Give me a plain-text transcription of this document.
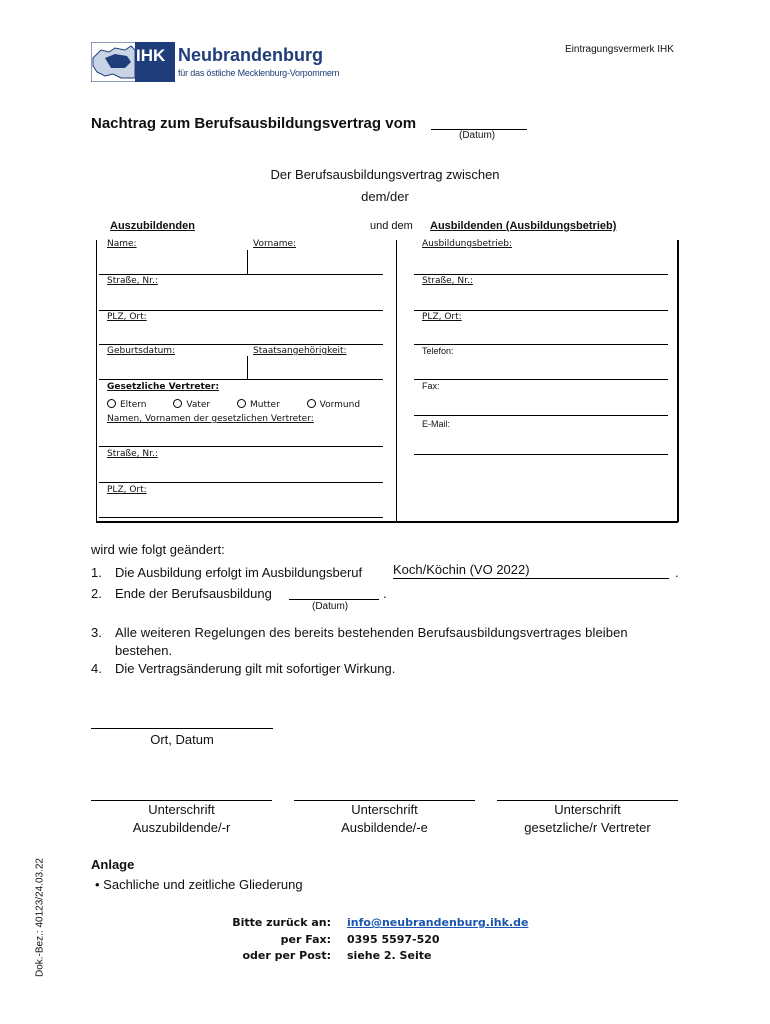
IHK Neubrandenburg
für das östliche Mecklenburg-Vorpommern
Eintragungsvermerk IHK
Nachtrag zum Berufsausbildungsvertrag vom
(Datum)
Der Berufsausbildungsvertrag zwischen
dem/der
Auszubildenden	und dem Ausbildenden (Ausbildungsbetrieb)
Name:	Vorname:
Straße, Nr.:
PLZ, Ort:
Geburtsdatum:	Staatsangehörigkeit:
Gesetzliche Vertreter:
Eltern	Vater	Mutter	Vormund
Namen, Vornamen der gesetzlichen Vertreter:
Straße, Nr.:
PLZ, Ort:
Ausbildungsbetrieb:
Straße, Nr.:
PLZ, Ort:
Telefon:
Fax:
E-Mail:
wird wie folgt geändert:
1. Die Ausbildung erfolgt im Ausbildungsberuf Koch/Köchin (VO 2022)	.
2. Ende der Berufsausbildung	.
(Datum)
3. Alle weiteren Regelungen des bereits bestehenden Berufsausbildungsvertrages bleiben
bestehen.
4. Die Vertragsänderung gilt mit sofortiger Wirkung.
Ort, Datum
Unterschrift
Auszubildende/-r
Unterschrift
Ausbildende/-e
Unterschrift
gesetzliche/r Vertreter
Anlage
• Sachliche und zeitliche Gliederung
Bitte zurück an: info@neubrandenburg.ihk.de
per Fax: 0395 5597-520
oder per Post: siehe 2. Seite
Dok.-Bez.: 40123/24.03.22
